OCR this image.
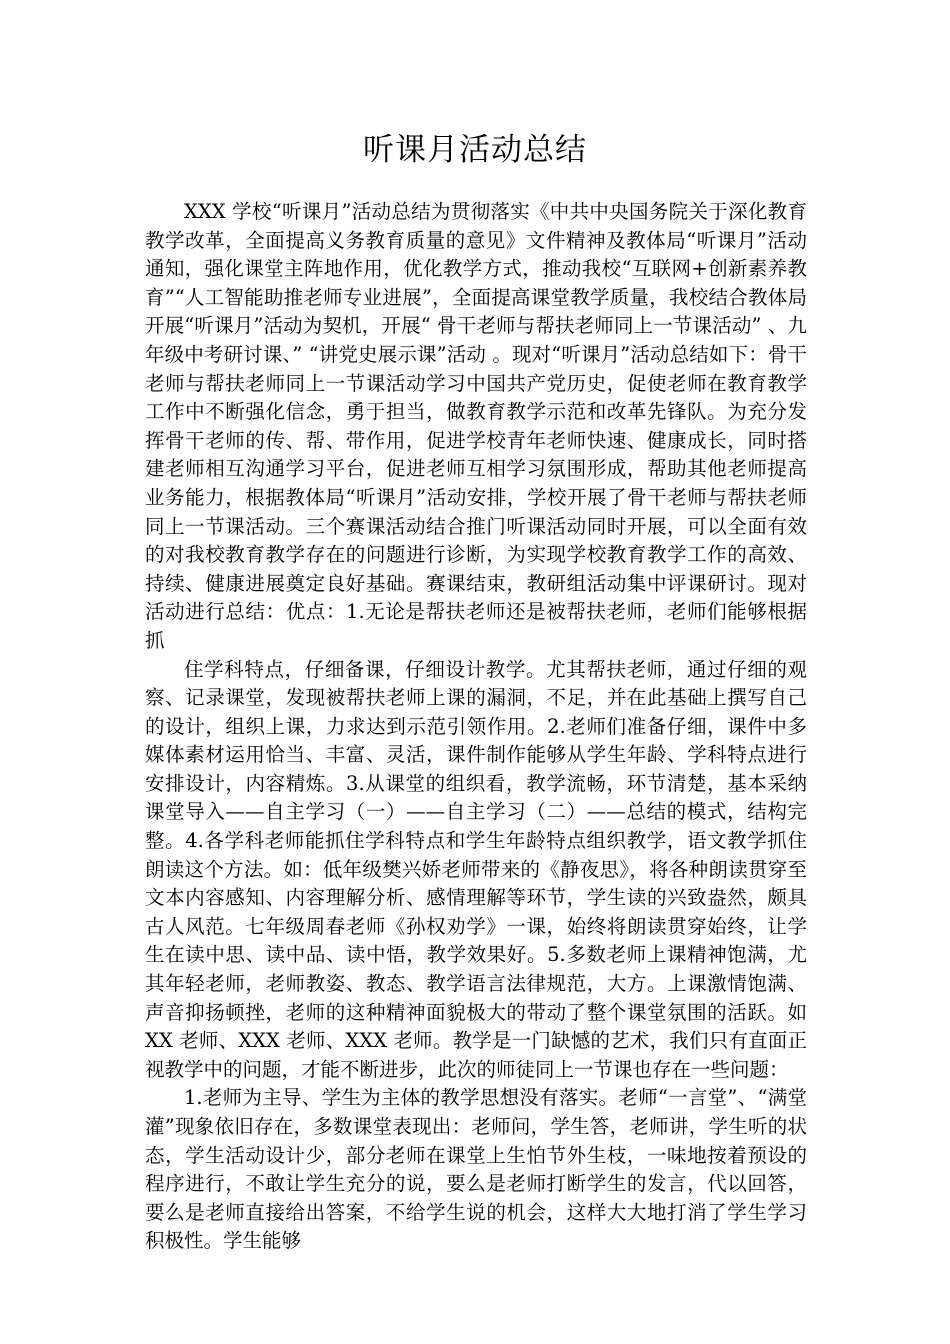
听课月活动总结

XXX 学校“听课月”活动总结为贯彻落实《中共中央国务院关于深化教育教学改革，全面提高义务教育质量的意见》文件精神及教体局“听课月”活动通知，强化课堂主阵地作用，优化教学方式，推动我校“互联网+创新素养教育”“人工智能助推老师专业进展”，全面提高课堂教学质量，我校结合教体局开展“听课月”活动为契机，开展“ 骨干老师与帮扶老师同上一节课活动” 、九年级中考研讨课、” “讲党史展示课”活动 。现对“听课月”活动总结如下：骨干老师与帮扶老师同上一节课活动学习中国共产党历史，促使老师在教育教学工作中不断强化信念，勇于担当，做教育教学示范和改革先锋队。为充分发挥骨干老师的传、帮、带作用，促进学校青年老师快速、健康成长，同时搭建老师相互沟通学习平台，促进老师互相学习氛围形成，帮助其他老师提高业务能力，根据教体局“听课月”活动安排，学校开展了骨干老师与帮扶老师同上一节课活动。三个赛课活动结合推门听课活动同时开展，可以全面有效的对我校教育教学存在的问题进行诊断，为实现学校教育教学工作的高效、持续、健康进展奠定良好基础。赛课结束，教研组活动集中评课研讨。现对活动进行总结：优点：1.无论是帮扶老师还是被帮扶老师，老师们能够根据抓

住学科特点，仔细备课，仔细设计教学。尤其帮扶老师，通过仔细的观察、记录课堂，发现被帮扶老师上课的漏洞，不足，并在此基础上撰写自己的设计，组织上课，力求达到示范引领作用。2.老师们准备仔细，课件中多媒体素材运用恰当、丰富、灵活，课件制作能够从学生年龄、学科特点进行安排设计，内容精炼。3.从课堂的组织看，教学流畅，环节清楚，基本采纳课堂导入——自主学习（一）——自主学习（二）——总结的模式，结构完整。4.各学科老师能抓住学科特点和学生年龄特点组织教学，语文教学抓住朗读这个方法。如：低年级樊兴娇老师带来的《静夜思》，将各种朗读贯穿至文本内容感知、内容理解分析、感情理解等环节，学生读的兴致盎然，颇具古人风范。七年级周春老师《孙权劝学》一课，始终将朗读贯穿始终，让学生在读中思、读中品、读中悟，教学效果好。5.多数老师上课精神饱满，尤其年轻老师，老师教姿、教态、教学语言法律规范，大方。上课激情饱满、声音抑扬顿挫，老师的这种精神面貌极大的带动了整个课堂氛围的活跃。如 XX 老师、XXX 老师、XXX 老师。教学是一门缺憾的艺术，我们只有直面正视教学中的问题，才能不断进步，此次的师徒同上一节课也存在一些问题：

1.老师为主导、学生为主体的教学思想没有落实。老师“一言堂”、“满堂灌”现象依旧存在，多数课堂表现出：老师问，学生答，老师讲，学生听的状态，学生活动设计少，部分老师在课堂上生怕节外生枝，一味地按着预设的程序进行，不敢让学生充分的说，要么是老师打断学生的发言，代以回答，要么是老师直接给出答案，不给学生说的机会，这样大大地打消了学生学习积极性。学生能够
